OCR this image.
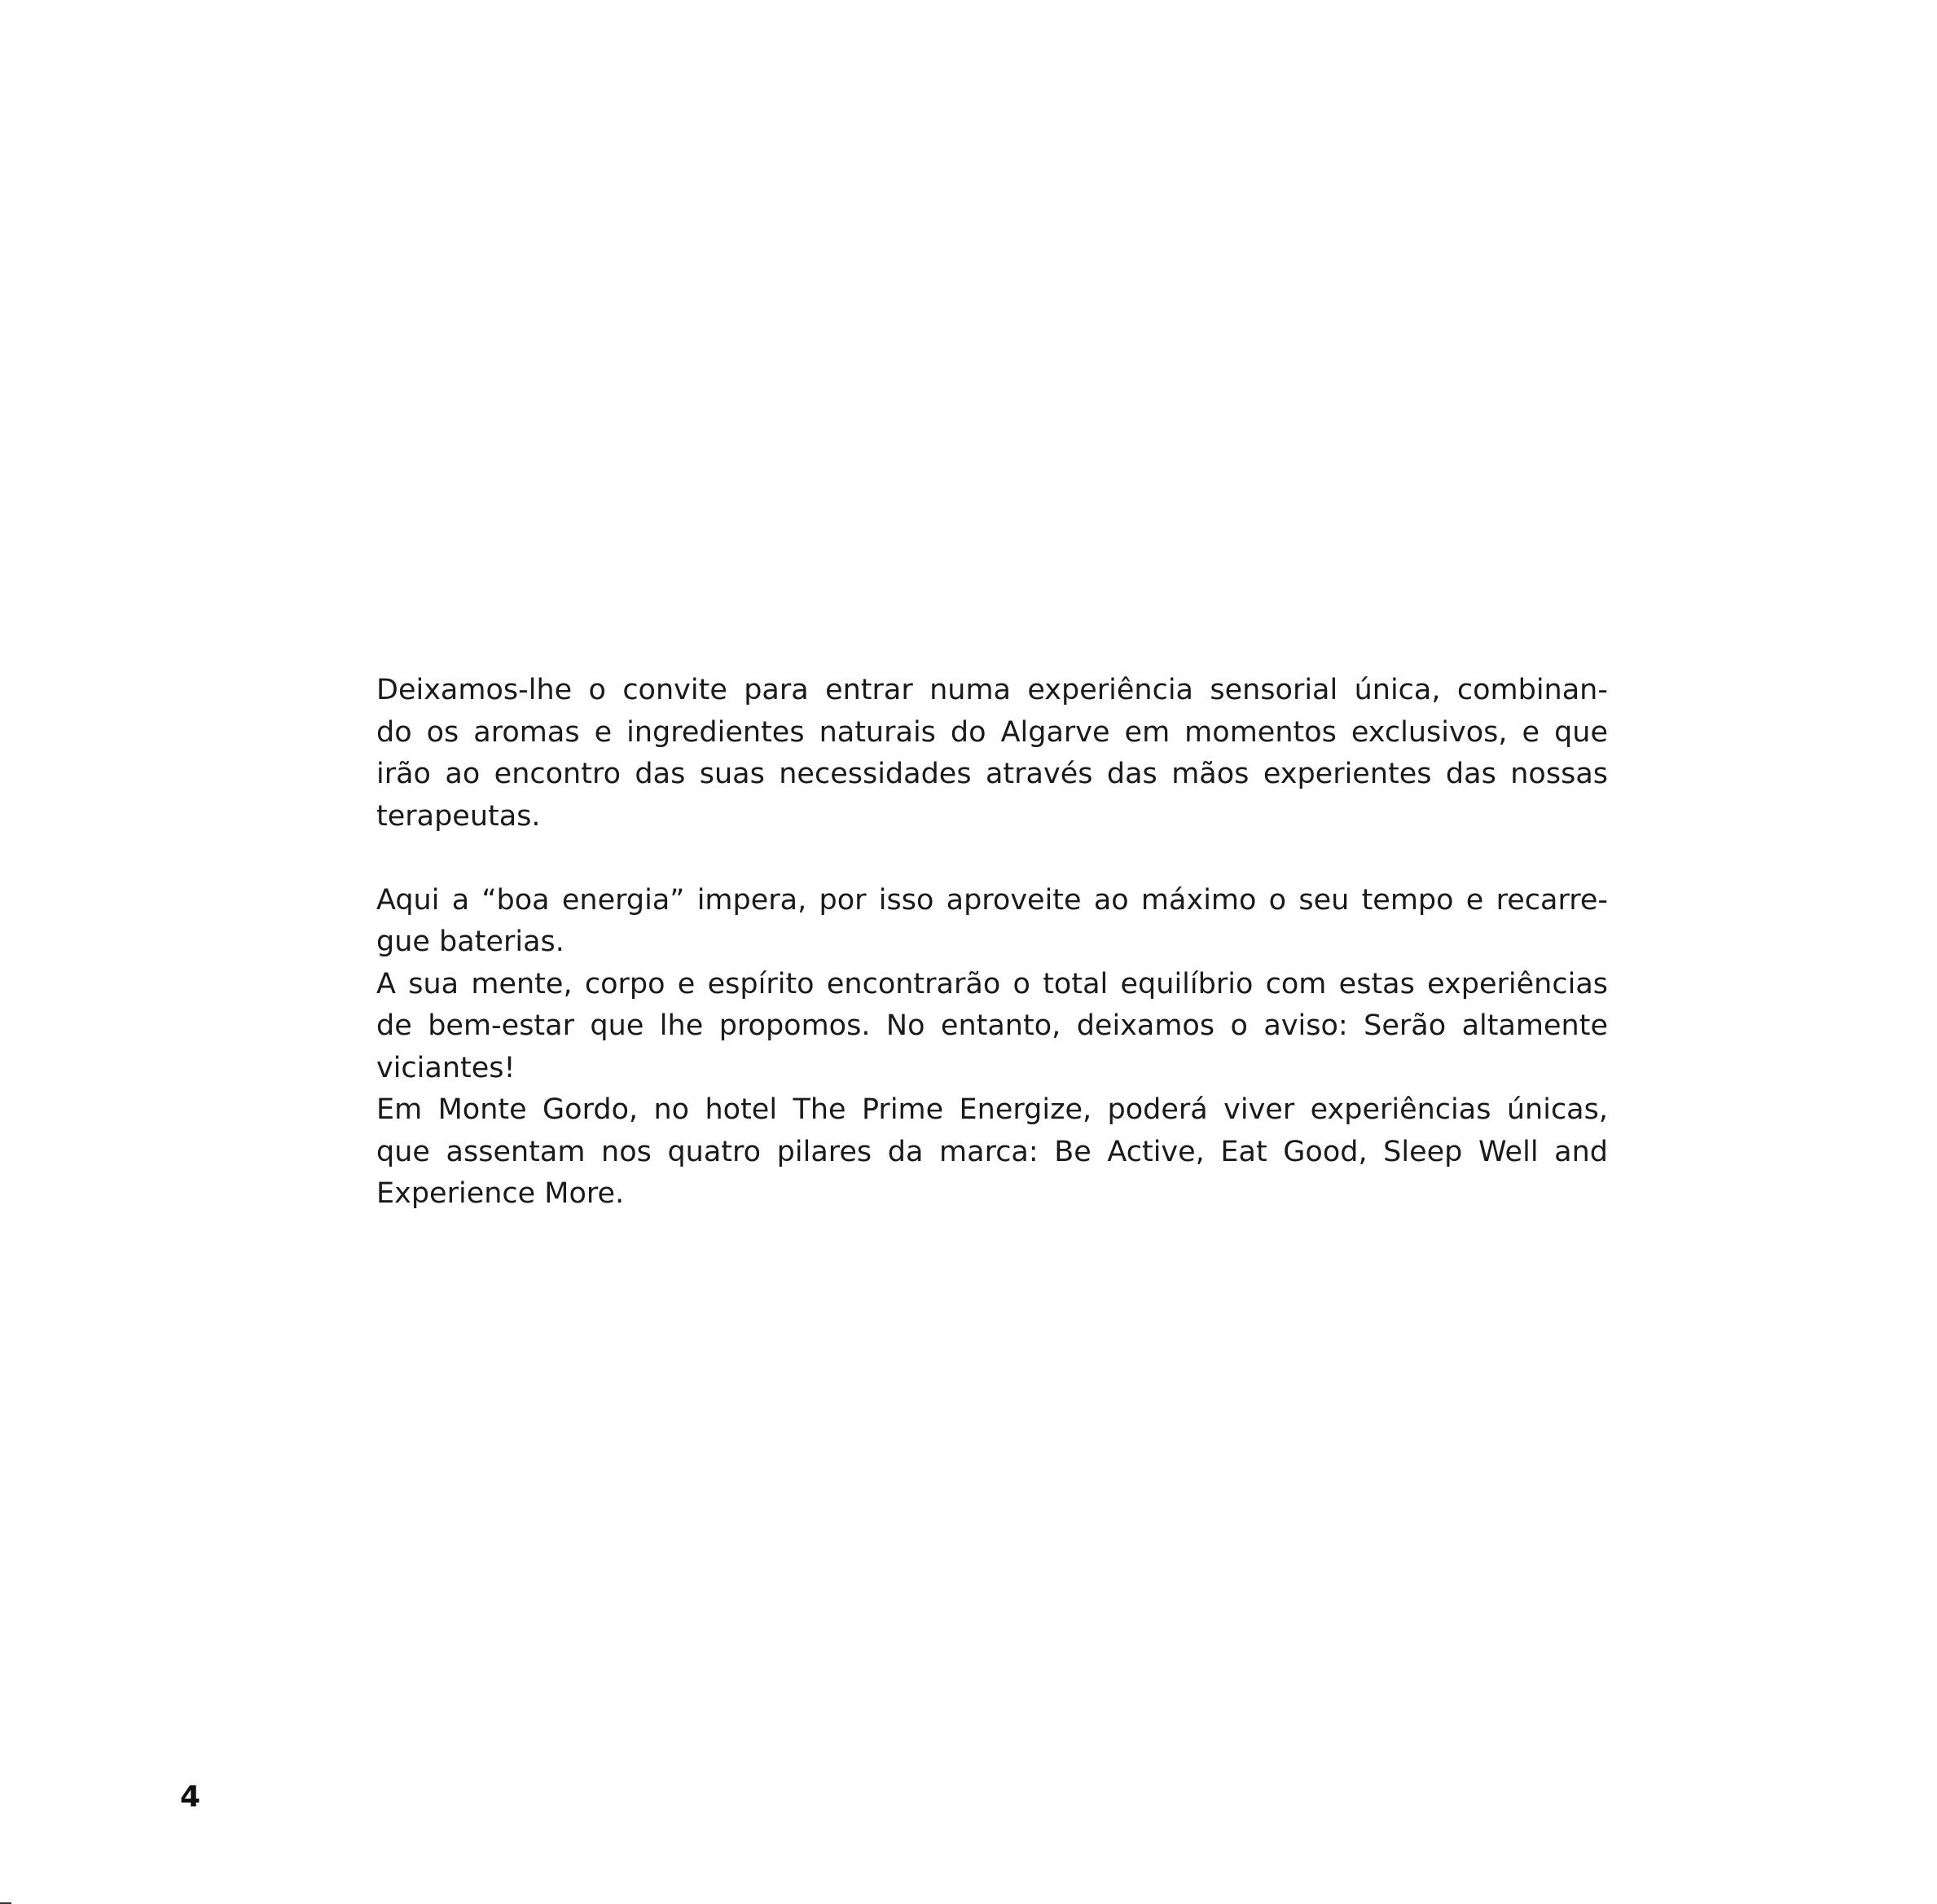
Deixamos-lhe o convite para entrar numa experiência sensorial única, combinan-
do os aromas e ingredientes naturais do Algarve em momentos exclusivos, e que
irão ao encontro das suas necessidades através das mãos experientes das nossas
terapeutas.
Aqui a “boa energia” impera, por isso aproveite ao máximo o seu tempo e recarre-
gue baterias.
A sua mente, corpo e espírito encontrarão o total equilíbrio com estas experiências
de bem-estar que lhe propomos. No entanto, deixamos o aviso: Serão altamente
viciantes!
Em Monte Gordo, no hotel The Prime Energize, poderá viver experiências únicas,
que assentam nos quatro pilares da marca: Be Active, Eat Good, Sleep Well and
Experience More.
4
